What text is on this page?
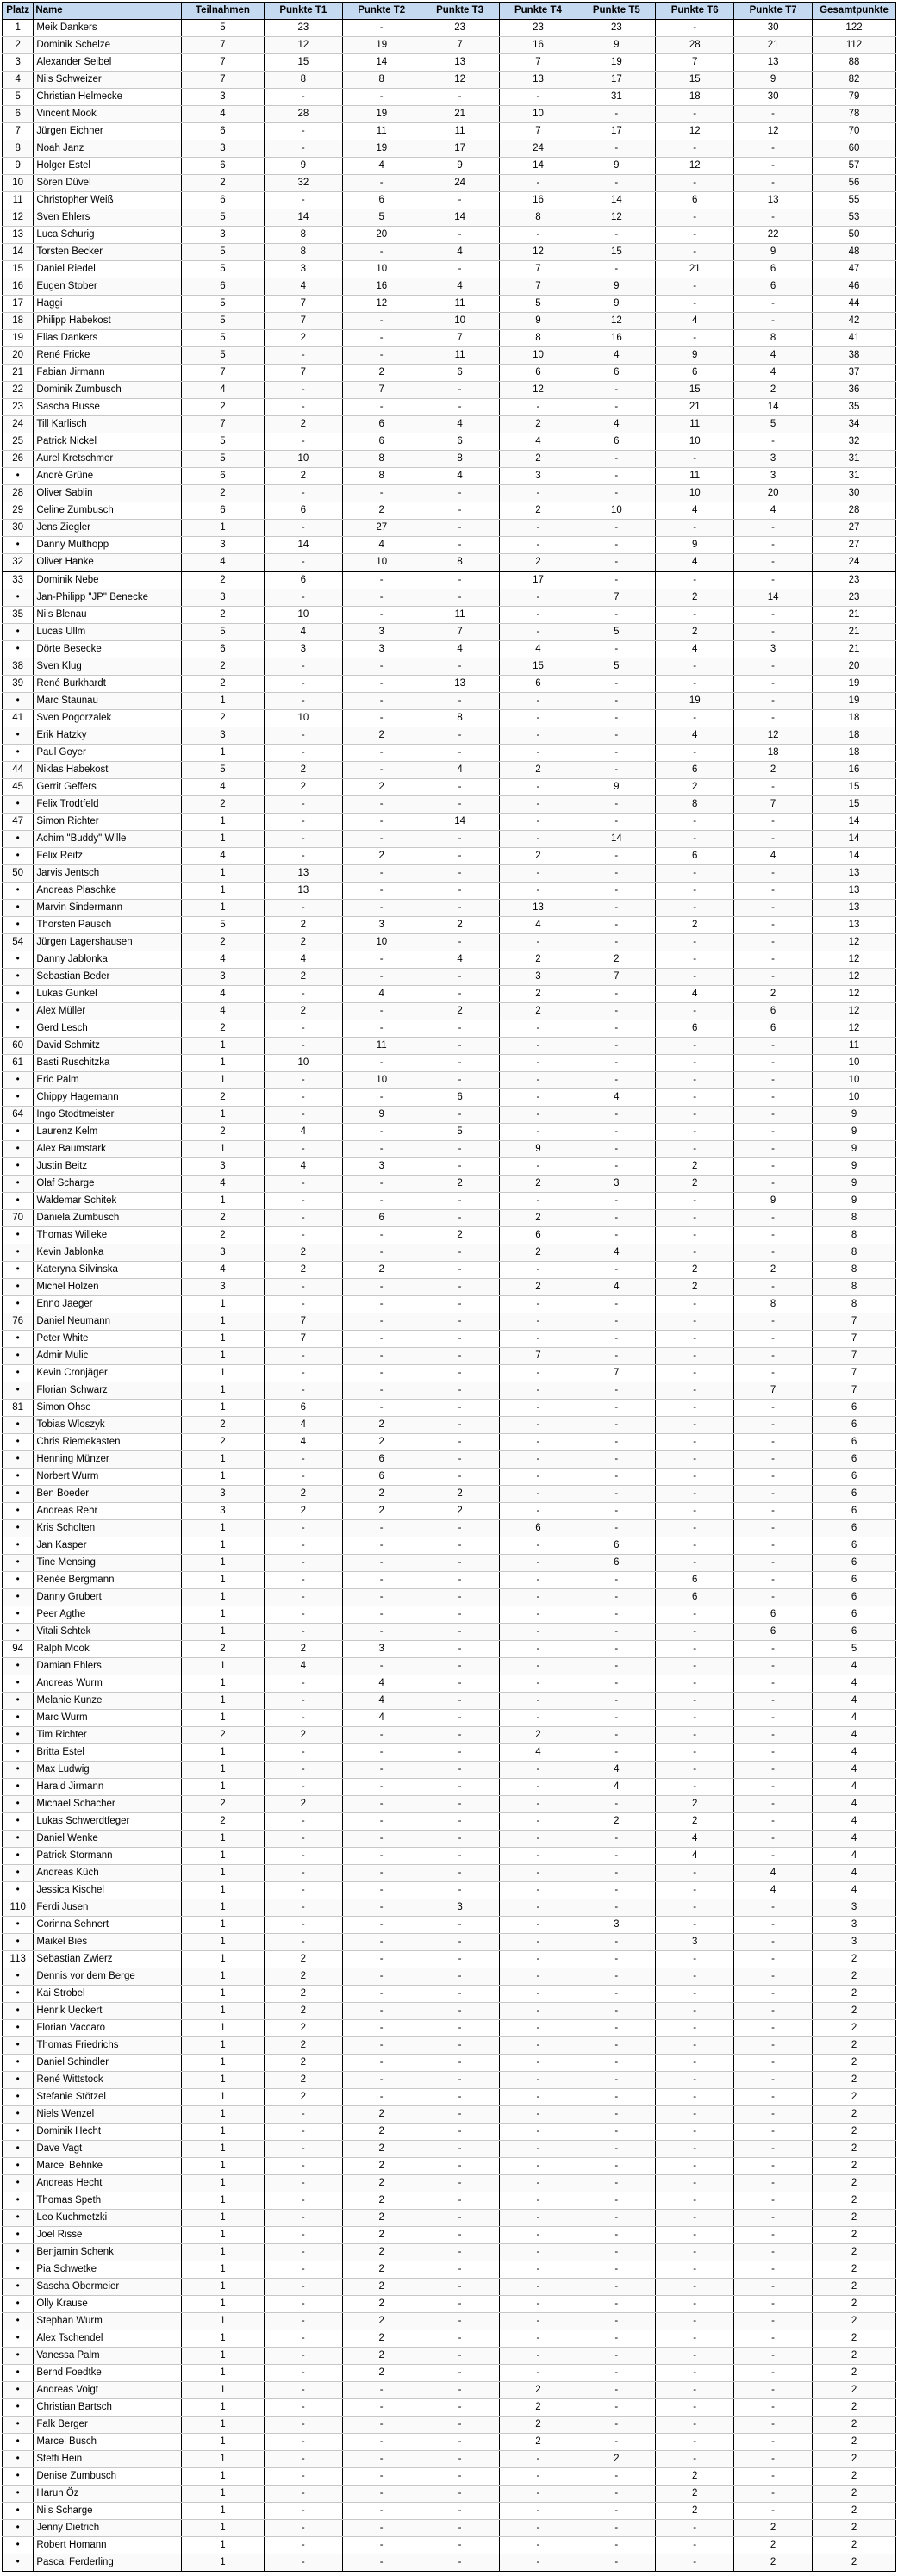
Platz	Name	Teilnahmen	Punkte T1	Punkte T2	Punkte T3	Punkte T4	Punkte T5	Punkte T6	Punkte T7	Gesamtpunkte
1	Meik Dankers	5	23	-	23	23	23	-	30	122
2	Dominik Schelze	7	12	19	7	16	9	28	21	112
3	Alexander Seibel	7	15	14	13	7	19	7	13	88
4	Nils Schweizer	7	8	8	12	13	17	15	9	82
5	Christian Helmecke	3	-	-	-	-	31	18	30	79
6	Vincent Mook	4	28	19	21	10	-	-	-	78
7	Jürgen Eichner	6	-	11	11	7	17	12	12	70
8	Noah Janz	3	-	19	17	24	-	-	-	60
9	Holger Estel	6	9	4	9	14	9	12	-	57
10	Sören Düvel	2	32	-	24	-	-	-	-	56
11	Christopher Weiß	6	-	6	-	16	14	6	13	55
12	Sven Ehlers	5	14	5	14	8	12	-	-	53
13	Luca Schurig	3	8	20	-	-	-	-	22	50
14	Torsten Becker	5	8	-	4	12	15	-	9	48
15	Daniel Riedel	5	3	10	-	7	-	21	6	47
16	Eugen Stober	6	4	16	4	7	9	-	6	46
17	Haggi	5	7	12	11	5	9	-	-	44
18	Philipp Habekost	5	7	-	10	9	12	4	-	42
19	Elias Dankers	5	2	-	7	8	16	-	8	41
20	René Fricke	5	-	-	11	10	4	9	4	38
21	Fabian Jirmann	7	7	2	6	6	6	6	4	37
22	Dominik Zumbusch	4	-	7	-	12	-	15	2	36
23	Sascha Busse	2	-	-	-	-	-	21	14	35
24	Till Karlisch	7	2	6	4	2	4	11	5	34
25	Patrick Nickel	5	-	6	6	4	6	10	-	32
26	Aurel Kretschmer	5	10	8	8	2	-	-	3	31
•	André Grüne	6	2	8	4	3	-	11	3	31
28	Oliver Sablin	2	-	-	-	-	-	10	20	30
29	Celine Zumbusch	6	6	2	-	2	10	4	4	28
30	Jens Ziegler	1	-	27	-	-	-	-	-	27
•	Danny Multhopp	3	14	4	-	-	-	9	-	27
32	Oliver Hanke	4	-	10	8	2	-	4	-	24
33	Dominik Nebe	2	6	-	-	17	-	-	-	23
•	Jan-Philipp "JP" Benecke	3	-	-	-	-	7	2	14	23
35	Nils Blenau	2	10	-	11	-	-	-	-	21
•	Lucas Ullm	5	4	3	7	-	5	2	-	21
•	Dörte Besecke	6	3	3	4	4	-	4	3	21
38	Sven Klug	2	-	-	-	15	5	-	-	20
39	René Burkhardt	2	-	-	13	6	-	-	-	19
•	Marc Staunau	1	-	-	-	-	-	19	-	19
41	Sven Pogorzalek	2	10	-	8	-	-	-	-	18
•	Erik Hatzky	3	-	2	-	-	-	4	12	18
•	Paul Goyer	1	-	-	-	-	-	-	18	18
44	Niklas Habekost	5	2	-	4	2	-	6	2	16
45	Gerrit Geffers	4	2	2	-	-	9	2	-	15
•	Felix Trodtfeld	2	-	-	-	-	-	8	7	15
47	Simon Richter	1	-	-	14	-	-	-	-	14
•	Achim "Buddy" Wille	1	-	-	-	-	14	-	-	14
•	Felix Reitz	4	-	2	-	2	-	6	4	14
50	Jarvis Jentsch	1	13	-	-	-	-	-	-	13
•	Andreas Plaschke	1	13	-	-	-	-	-	-	13
•	Marvin Sindermann	1	-	-	-	13	-	-	-	13
•	Thorsten Pausch	5	2	3	2	4	-	2	-	13
54	Jürgen Lagershausen	2	2	10	-	-	-	-	-	12
•	Danny Jablonka	4	4	-	4	2	2	-	-	12
•	Sebastian Beder	3	2	-	-	3	7	-	-	12
•	Lukas Gunkel	4	-	4	-	2	-	4	2	12
•	Alex Müller	4	2	-	2	2	-	-	6	12
•	Gerd Lesch	2	-	-	-	-	-	6	6	12
60	David Schmitz	1	-	11	-	-	-	-	-	11
61	Basti Ruschitzka	1	10	-	-	-	-	-	-	10
•	Eric Palm	1	-	10	-	-	-	-	-	10
•	Chippy Hagemann	2	-	-	6	-	4	-	-	10
64	Ingo Stodtmeister	1	-	9	-	-	-	-	-	9
•	Laurenz Kelm	2	4	-	5	-	-	-	-	9
•	Alex Baumstark	1	-	-	-	9	-	-	-	9
•	Justin Beitz	3	4	3	-	-	-	2	-	9
•	Olaf Scharge	4	-	-	2	2	3	2	-	9
•	Waldemar Schitek	1	-	-	-	-	-	-	9	9
70	Daniela Zumbusch	2	-	6	-	2	-	-	-	8
•	Thomas Willeke	2	-	-	2	6	-	-	-	8
•	Kevin Jablonka	3	2	-	-	2	4	-	-	8
•	Kateryna Silvinska	4	2	2	-	-	-	2	2	8
•	Michel Holzen	3	-	-	-	2	4	2	-	8
•	Enno Jaeger	1	-	-	-	-	-	-	8	8
76	Daniel Neumann	1	7	-	-	-	-	-	-	7
•	Peter White	1	7	-	-	-	-	-	-	7
•	Admir Mulic	1	-	-	-	7	-	-	-	7
•	Kevin Cronjäger	1	-	-	-	-	7	-	-	7
•	Florian Schwarz	1	-	-	-	-	-	-	7	7
81	Simon Ohse	1	6	-	-	-	-	-	-	6
•	Tobias Wloszyk	2	4	2	-	-	-	-	-	6
•	Chris Riemekasten	2	4	2	-	-	-	-	-	6
•	Henning Münzer	1	-	6	-	-	-	-	-	6
•	Norbert Wurm	1	-	6	-	-	-	-	-	6
•	Ben Boeder	3	2	2	2	-	-	-	-	6
•	Andreas Rehr	3	2	2	2	-	-	-	-	6
•	Kris Scholten	1	-	-	-	6	-	-	-	6
•	Jan Kasper	1	-	-	-	-	6	-	-	6
•	Tine Mensing	1	-	-	-	-	6	-	-	6
•	Renée Bergmann	1	-	-	-	-	-	6	-	6
•	Danny Grubert	1	-	-	-	-	-	6	-	6
•	Peer Agthe	1	-	-	-	-	-	-	6	6
•	Vitali Schtek	1	-	-	-	-	-	-	6	6
94	Ralph Mook	2	2	3	-	-	-	-	-	5
•	Damian Ehlers	1	4	-	-	-	-	-	-	4
•	Andreas Wurm	1	-	4	-	-	-	-	-	4
•	Melanie Kunze	1	-	4	-	-	-	-	-	4
•	Marc Wurm	1	-	4	-	-	-	-	-	4
•	Tim Richter	2	2	-	-	2	-	-	-	4
•	Britta Estel	1	-	-	-	4	-	-	-	4
•	Max Ludwig	1	-	-	-	-	4	-	-	4
•	Harald Jirmann	1	-	-	-	-	4	-	-	4
•	Michael Schacher	2	2	-	-	-	-	2	-	4
•	Lukas Schwerdtfeger	2	-	-	-	-	2	2	-	4
•	Daniel Wenke	1	-	-	-	-	-	4	-	4
•	Patrick Stormann	1	-	-	-	-	-	4	-	4
•	Andreas Küch	1	-	-	-	-	-	-	4	4
•	Jessica Kischel	1	-	-	-	-	-	-	4	4
110	Ferdi Jusen	1	-	-	3	-	-	-	-	3
•	Corinna Sehnert	1	-	-	-	-	3	-	-	3
•	Maikel Bies	1	-	-	-	-	-	3	-	3
113	Sebastian Zwierz	1	2	-	-	-	-	-	-	2
•	Dennis vor dem Berge	1	2	-	-	-	-	-	-	2
•	Kai Strobel	1	2	-	-	-	-	-	-	2
•	Henrik Ueckert	1	2	-	-	-	-	-	-	2
•	Florian Vaccaro	1	2	-	-	-	-	-	-	2
•	Thomas Friedrichs	1	2	-	-	-	-	-	-	2
•	Daniel Schindler	1	2	-	-	-	-	-	-	2
•	René Wittstock	1	2	-	-	-	-	-	-	2
•	Stefanie Stötzel	1	2	-	-	-	-	-	-	2
•	Niels Wenzel	1	-	2	-	-	-	-	-	2
•	Dominik Hecht	1	-	2	-	-	-	-	-	2
•	Dave Vagt	1	-	2	-	-	-	-	-	2
•	Marcel Behnke	1	-	2	-	-	-	-	-	2
•	Andreas Hecht	1	-	2	-	-	-	-	-	2
•	Thomas Speth	1	-	2	-	-	-	-	-	2
•	Leo Kuchmetzki	1	-	2	-	-	-	-	-	2
•	Joel Risse	1	-	2	-	-	-	-	-	2
•	Benjamin Schenk	1	-	2	-	-	-	-	-	2
•	Pia Schwetke	1	-	2	-	-	-	-	-	2
•	Sascha Obermeier	1	-	2	-	-	-	-	-	2
•	Olly Krause	1	-	2	-	-	-	-	-	2
•	Stephan Wurm	1	-	2	-	-	-	-	-	2
•	Alex Tschendel	1	-	2	-	-	-	-	-	2
•	Vanessa Palm	1	-	2	-	-	-	-	-	2
•	Bernd Foedtke	1	-	2	-	-	-	-	-	2
•	Andreas Voigt	1	-	-	-	2	-	-	-	2
•	Christian Bartsch	1	-	-	-	2	-	-	-	2
•	Falk Berger	1	-	-	-	2	-	-	-	2
•	Marcel Busch	1	-	-	-	2	-	-	-	2
•	Steffi Hein	1	-	-	-	-	2	-	-	2
•	Denise Zumbusch	1	-	-	-	-	-	2	-	2
•	Harun Öz	1	-	-	-	-	-	2	-	2
•	Nils Scharge	1	-	-	-	-	-	2	-	2
•	Jenny Dietrich	1	-	-	-	-	-	-	2	2
•	Robert Homann	1	-	-	-	-	-	-	2	2
•	Pascal Ferderling	1	-	-	-	-	-	-	2	2
